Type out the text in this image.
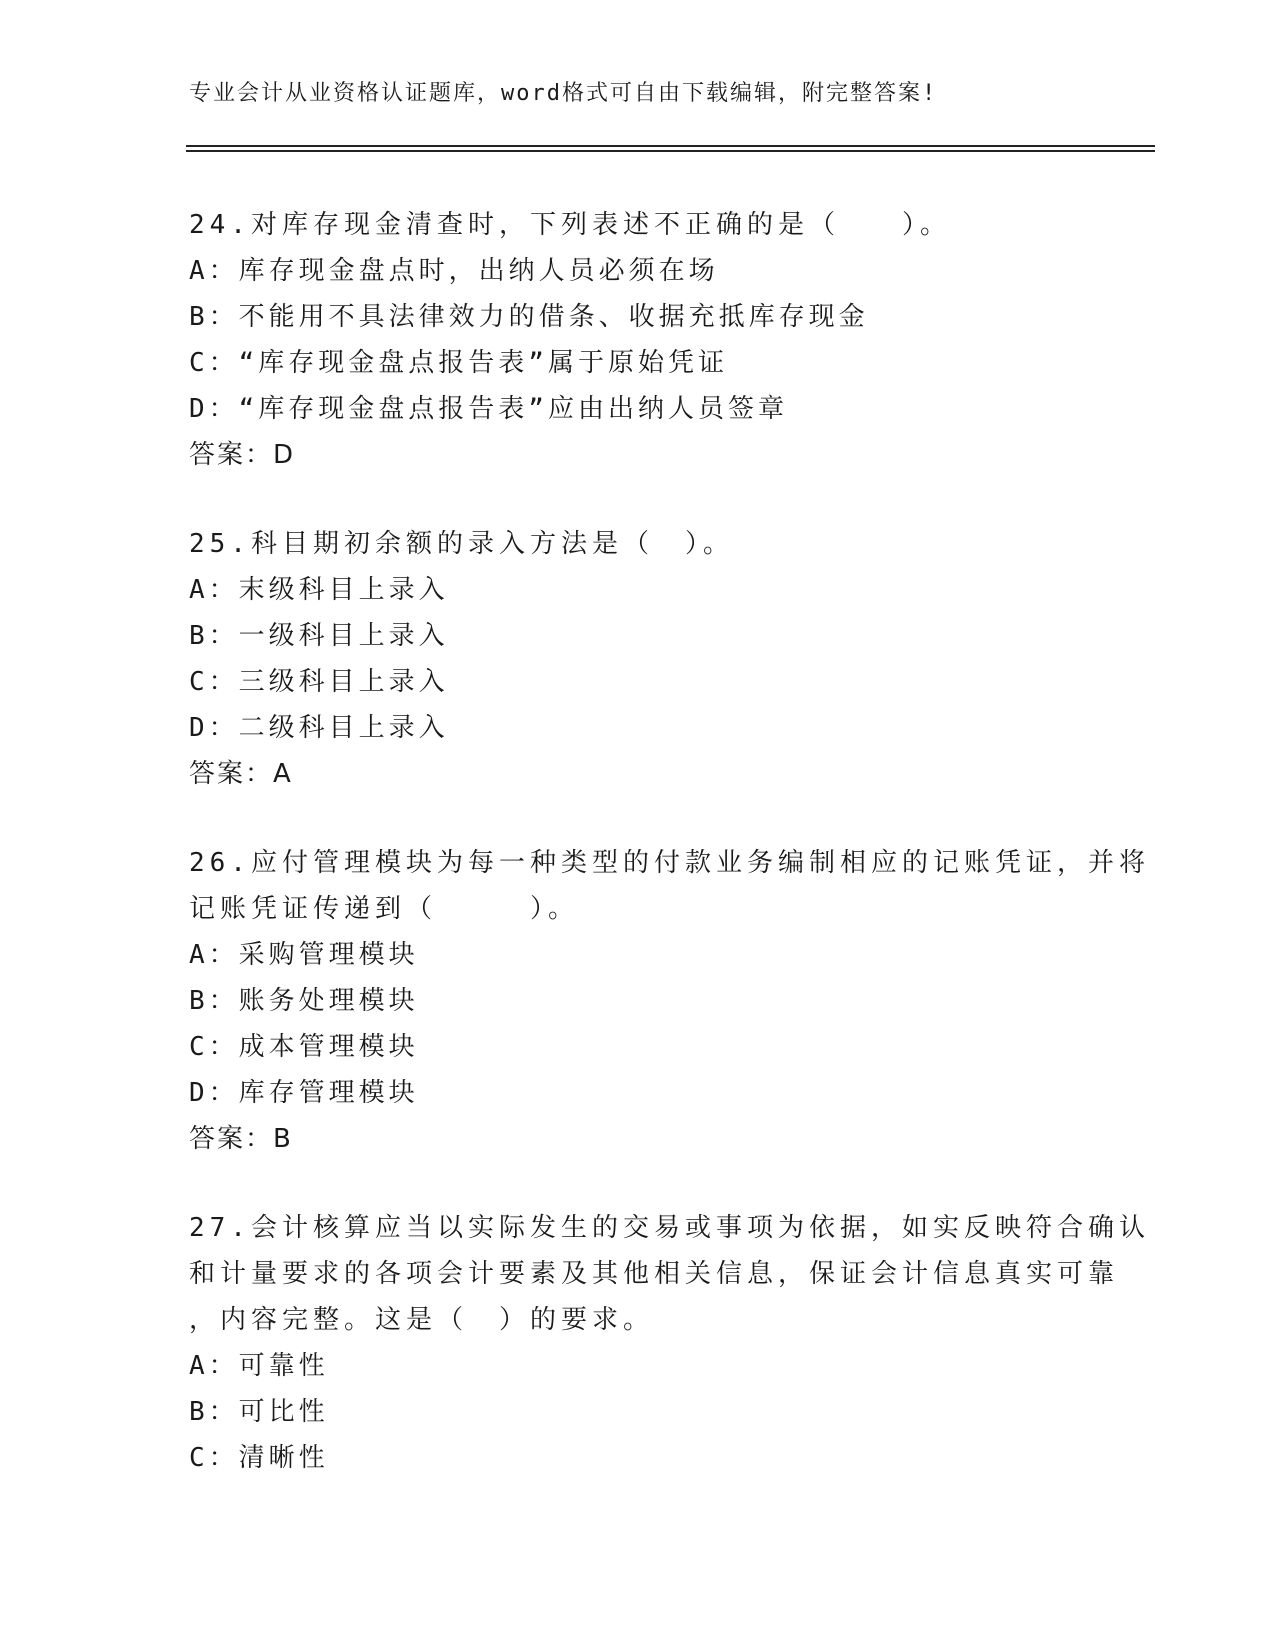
专业会计从业资格认证题库，word格式可自由下载编辑，附完整答案!
24.对库存现金清查时，下列表述不正确的是（　　）。
A：库存现金盘点时，出纳人员必须在场
B：不能用不具法律效力的借条、收据充抵库存现金
C：“库存现金盘点报告表”属于原始凭证
D：“库存现金盘点报告表”应由出纳人员签章
答案：D
25.科目期初余额的录入方法是（　）。
A：末级科目上录入
B：一级科目上录入
C：三级科目上录入
D：二级科目上录入
答案：A
26.应付管理模块为每一种类型的付款业务编制相应的记账凭证，并将
记账凭证传递到（　　　）。
A：采购管理模块
B：账务处理模块
C：成本管理模块
D：库存管理模块
答案：B
27.会计核算应当以实际发生的交易或事项为依据，如实反映符合确认
和计量要求的各项会计要素及其他相关信息，保证会计信息真实可靠
，内容完整。这是（　）的要求。
A：可靠性
B：可比性
C：清晰性
